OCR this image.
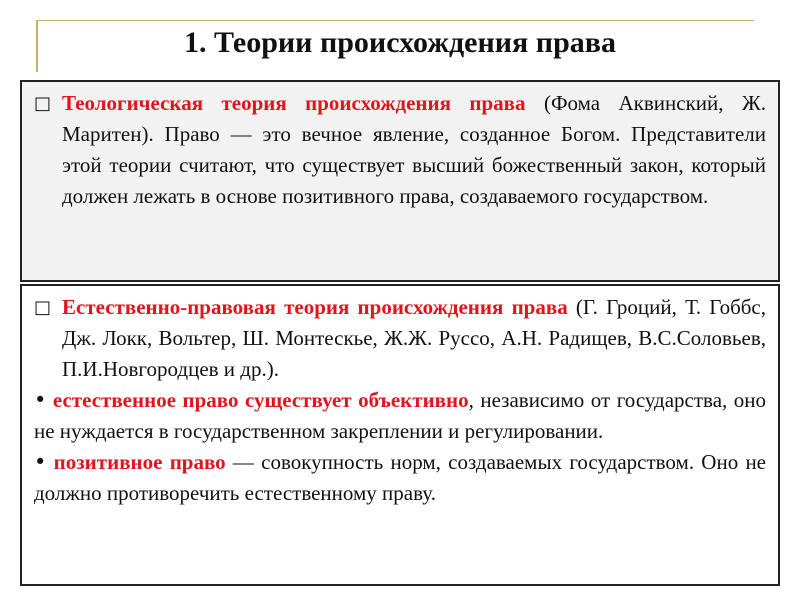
1. Теории происхождения права
□ Теологическая теория происхождения права (Фома Аквинский, Ж. Маритен). Право — это вечное явление, созданное Богом. Представители этой теории считают, что существует высший божественный закон, который должен лежать в основе позитивного права, создаваемого государством.
□ Естественно-правовая теория происхождения права (Г. Гроций, Т. Гоббс, Дж. Локк, Вольтер, Ш. Монтескье, Ж.Ж. Руссо, А.Н. Радищев, В.С.Соловьев, П.И.Новгородцев и др.).
• естественное право существует объективно, независимо от государства, оно не нуждается в государственном закреплении и регулировании.
• позитивное право — совокупность норм, создаваемых государством. Оно не должно противоречить естественному праву.
